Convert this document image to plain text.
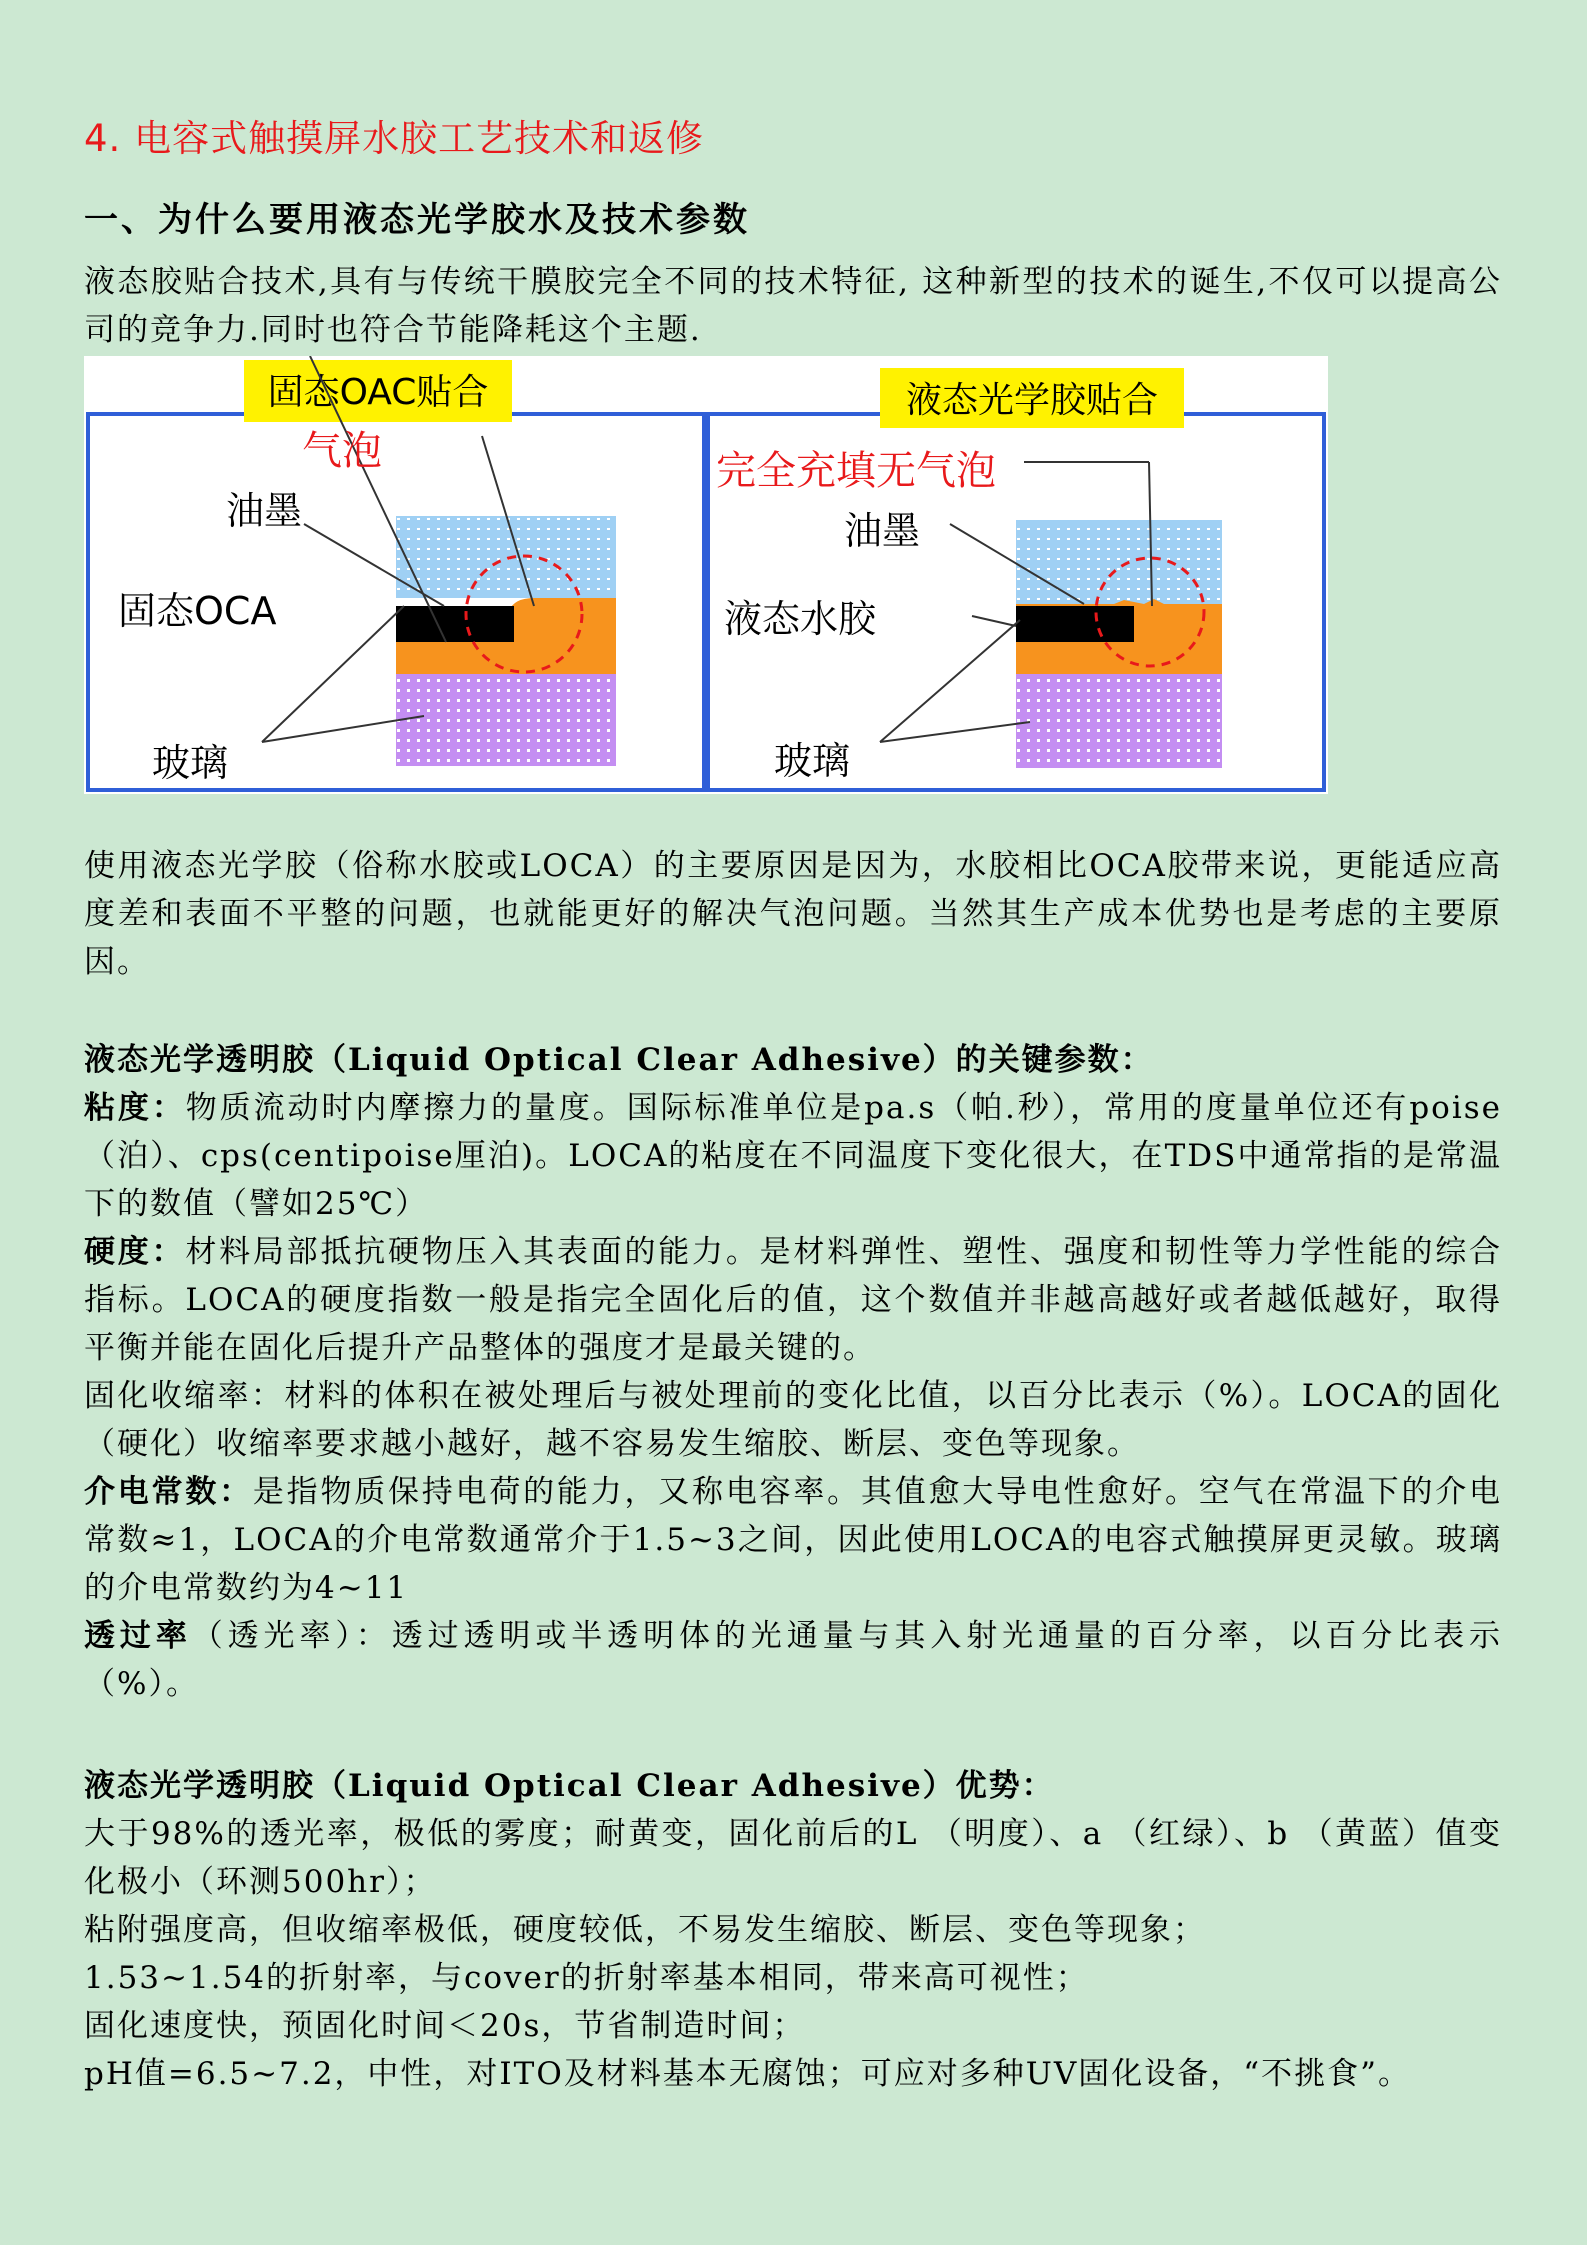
4. 电容式触摸屏水胶工艺技术和返修
一、为什么要用液态光学胶水及技术参数
液态胶贴合技术,具有与传统干膜胶完全不同的技术特征, 这种新型的技术的诞生,不仅可以提高公司的竞争力.同时也符合节能降耗这个主题.
固态OAC贴合
气泡
油墨
固态OCA
玻璃
液态光学胶贴合
完全充填无气泡
油墨
液态水胶
玻璃
使用液态光学胶（俗称水胶或LOCA）的主要原因是因为，水胶相比OCA胶带来说，更能适应高度差和表面不平整的问题，也就能更好的解决气泡问题。当然其生产成本优势也是考虑的主要原因。
液态光学透明胶（Liquid Optical Clear Adhesive）的关键参数：
粘度：物质流动时内摩擦力的量度。国际标准单位是pa.s（帕.秒），常用的度量单位还有poise（泊）、cps(centipoise厘泊)。LOCA的粘度在不同温度下变化很大，在TDS中通常指的是常温下的数值（譬如25℃）
硬度：材料局部抵抗硬物压入其表面的能力。是材料弹性、塑性、强度和韧性等力学性能的综合指标。LOCA的硬度指数一般是指完全固化后的值，这个数值并非越高越好或者越低越好，取得平衡并能在固化后提升产品整体的强度才是最关键的。
固化收缩率：材料的体积在被处理后与被处理前的变化比值，以百分比表示（%）。LOCA的固化（硬化）收缩率要求越小越好，越不容易发生缩胶、断层、变色等现象。
介电常数：是指物质保持电荷的能力，又称电容率。其值愈大导电性愈好。空气在常温下的介电常数≈1，LOCA的介电常数通常介于1.5~3之间，因此使用LOCA的电容式触摸屏更灵敏。玻璃的介电常数约为4~11
透过率（透光率）：透过透明或半透明体的光通量与其入射光通量的百分率，以百分比表示（%）。
液态光学透明胶（Liquid Optical Clear Adhesive）优势：
大于98%的透光率，极低的雾度；耐黄变，固化前后的L （明度）、a （红绿）、b （黄蓝）值变化极小（环测500hr）；
粘附强度高，但收缩率极低，硬度较低，不易发生缩胶、断层、变色等现象；
1.53~1.54的折射率，与cover的折射率基本相同，带来高可视性；
固化速度快，预固化时间＜20s，节省制造时间；
pH值=6.5~7.2，中性，对ITO及材料基本无腐蚀；可应对多种UV固化设备，“不挑食”。
